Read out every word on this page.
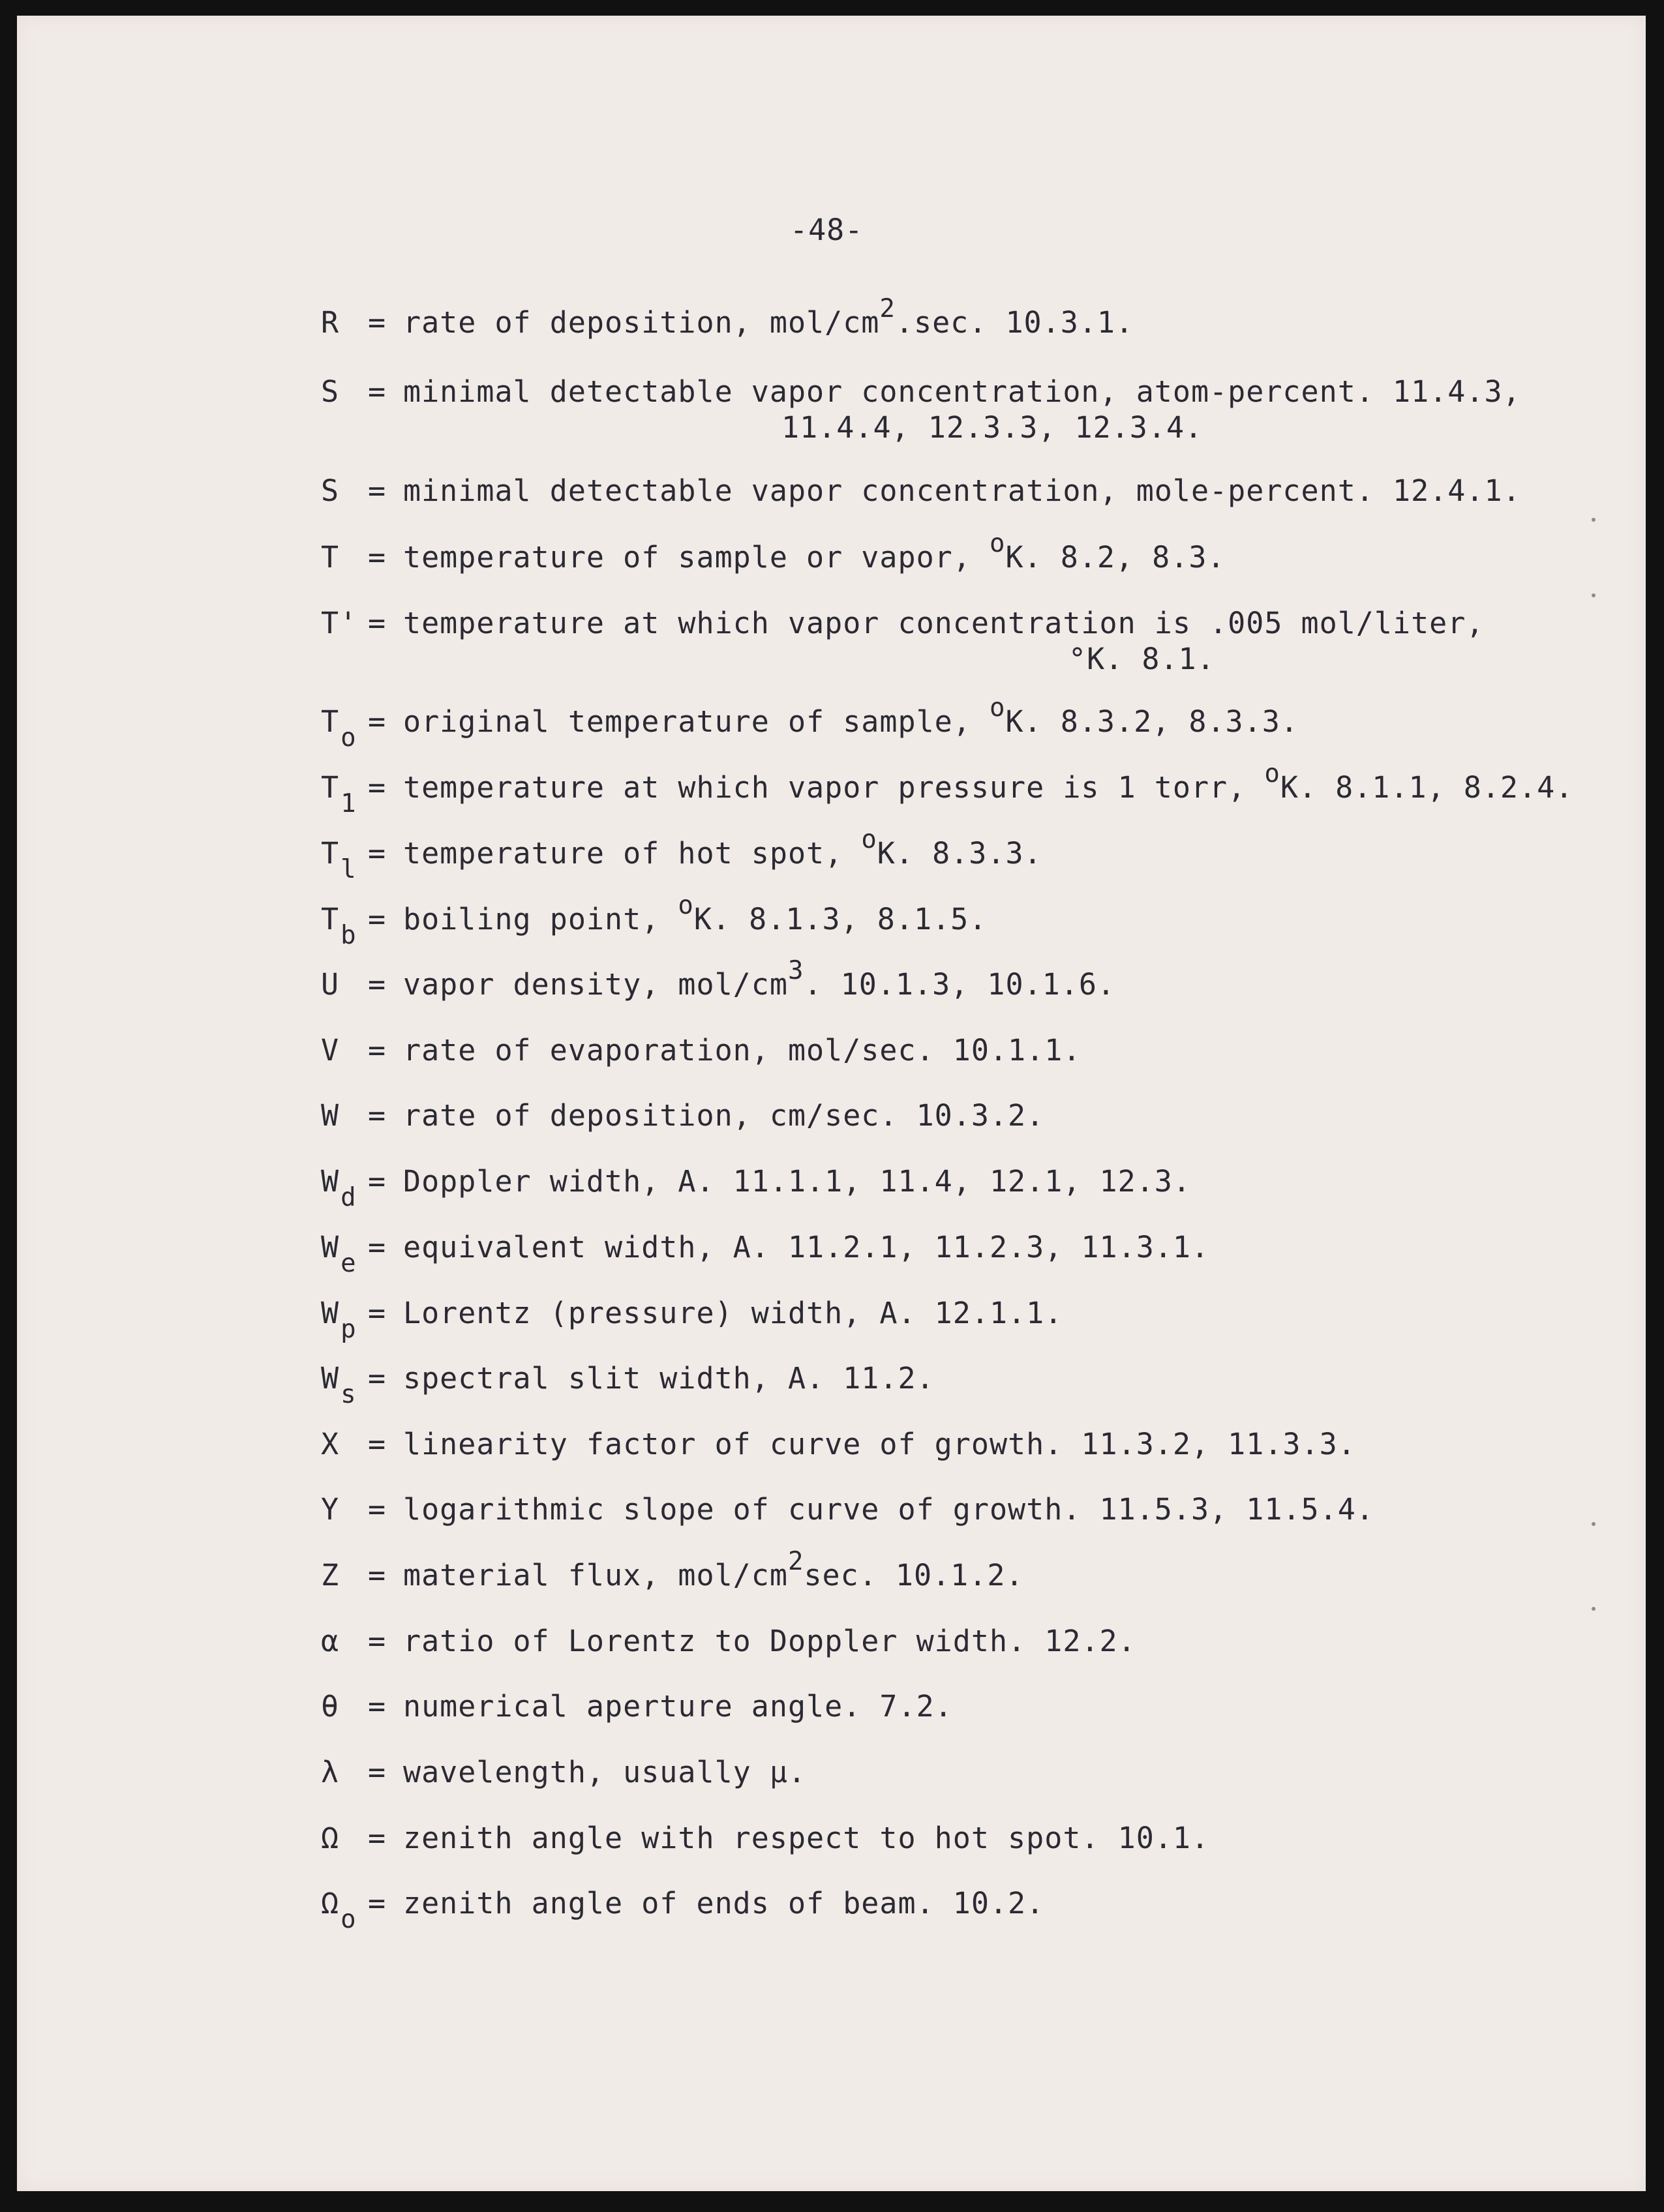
-48-
R = rate of deposition, mol/$cm^2.\sec$. 10.3.1.
S = minimal detectable vapor concentration, atom-percent. 11.4.3,
11.4.4, 12.3.3, 12.3.4.
S = minimal detectable vapor concentration, mole-percent. 12.4.1.
T = temperature of sample or vapor, $^o$K. 8.2, 8.3.
T' = temperature at which vapor concentration is .005 mol/liter,
°K. 8.1.
To = original temperature of sample, $^o$K. 8.3.2, 8.3.3.
T1 = temperature at which vapor pressure is 1 torr, $^o$K. 8.1.1, 8.2.4.
Tl = temperature of hot spot, $^o$K. 8.3.3.
Tb = boiling point, $^o$K. 8.1.3, 8.1.5.
U = vapor density, mol/$cm^3$. 10.1.3, 10.1.6.
V = rate of evaporation, mol/sec. 10.1.1.
W = rate of deposition, cm/sec. 10.3.2.
Wd = Doppler width, A. 11.1.1, 11.4, 12.1, 12.3.
We = equivalent width, A. 11.2.1, 11.2.3, 11.3.1.
Wp = Lorentz (pressure) width, A. 12.1.1.
Ws = spectral slit width, A. 11.2.
X = linearity factor of curve of growth. 11.3.2, 11.3.3.
Y = logarithmic slope of curve of growth. 11.5.3, 11.5.4.
Z = material flux, mol/$cm^2\sec$. 10.1.2.
α = ratio of Lorentz to Doppler width. 12.2.
θ = numerical aperture angle. 7.2.
λ = wavelength, usually μ.
Ω = zenith angle with respect to hot spot. 10.1.
Ωo = zenith angle of ends of beam. 10.2.
